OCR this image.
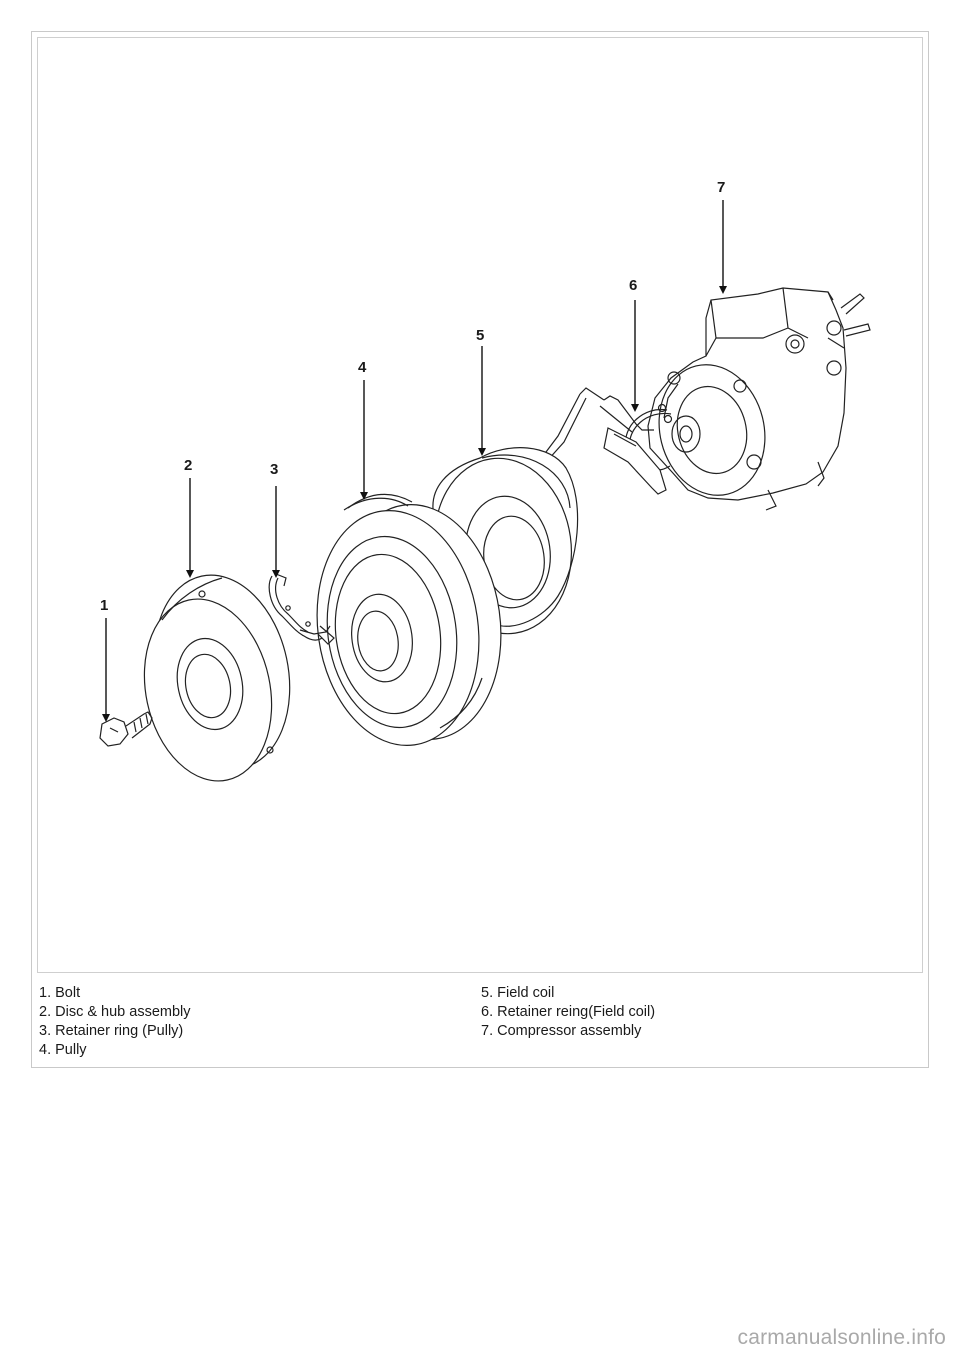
1
2	3
4
5
6
7
1. Bolt
2. Disc & hub assembly
3. Retainer ring (Pully)
4. Pully
5. Field coil
6. Retainer reing(Field coil)
7. Compressor assembly
carmanualsonline.info
